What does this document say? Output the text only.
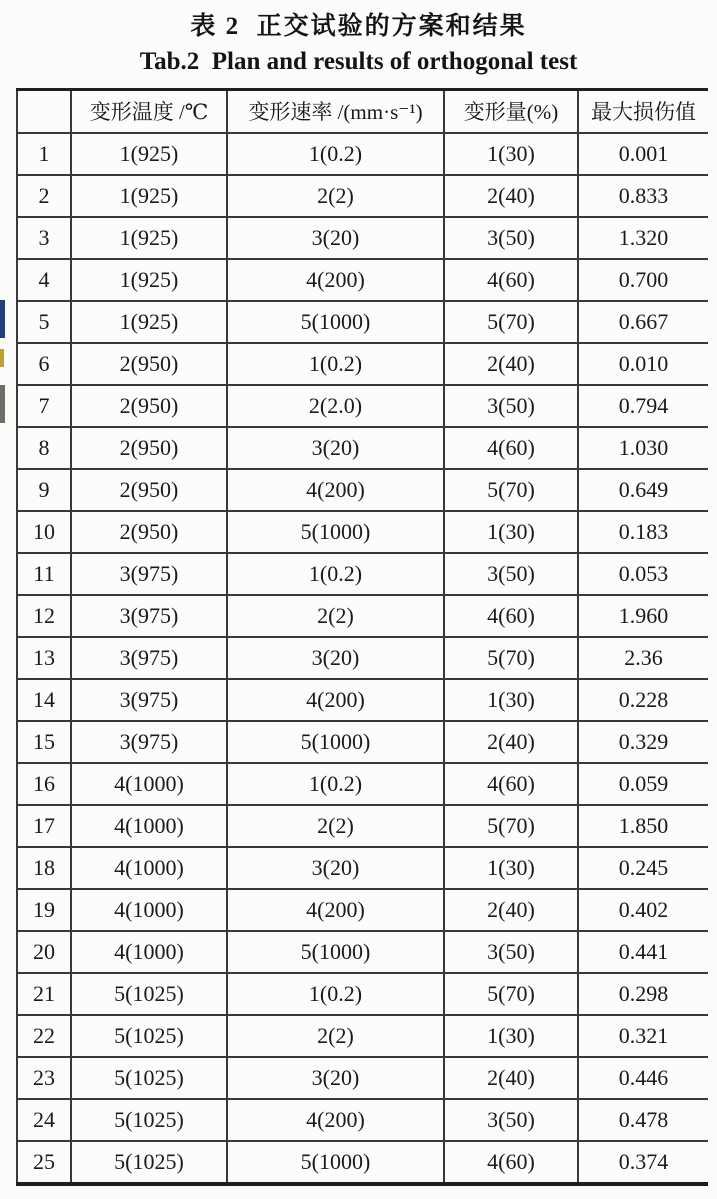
表 2  正交试验的方案和结果
Tab.2  Plan and results of orthogonal test
	变形温度 /℃	变形速率 /(mm·s⁻¹)	变形量(%)	最大损伤值
1	1(925)	1(0.2)	1(30)	0.001
2	1(925)	2(2)	2(40)	0.833
3	1(925)	3(20)	3(50)	1.320
4	1(925)	4(200)	4(60)	0.700
5	1(925)	5(1000)	5(70)	0.667
6	2(950)	1(0.2)	2(40)	0.010
7	2(950)	2(2.0)	3(50)	0.794
8	2(950)	3(20)	4(60)	1.030
9	2(950)	4(200)	5(70)	0.649
10	2(950)	5(1000)	1(30)	0.183
11	3(975)	1(0.2)	3(50)	0.053
12	3(975)	2(2)	4(60)	1.960
13	3(975)	3(20)	5(70)	2.36
14	3(975)	4(200)	1(30)	0.228
15	3(975)	5(1000)	2(40)	0.329
16	4(1000)	1(0.2)	4(60)	0.059
17	4(1000)	2(2)	5(70)	1.850
18	4(1000)	3(20)	1(30)	0.245
19	4(1000)	4(200)	2(40)	0.402
20	4(1000)	5(1000)	3(50)	0.441
21	5(1025)	1(0.2)	5(70)	0.298
22	5(1025)	2(2)	1(30)	0.321
23	5(1025)	3(20)	2(40)	0.446
24	5(1025)	4(200)	3(50)	0.478
25	5(1025)	5(1000)	4(60)	0.374
